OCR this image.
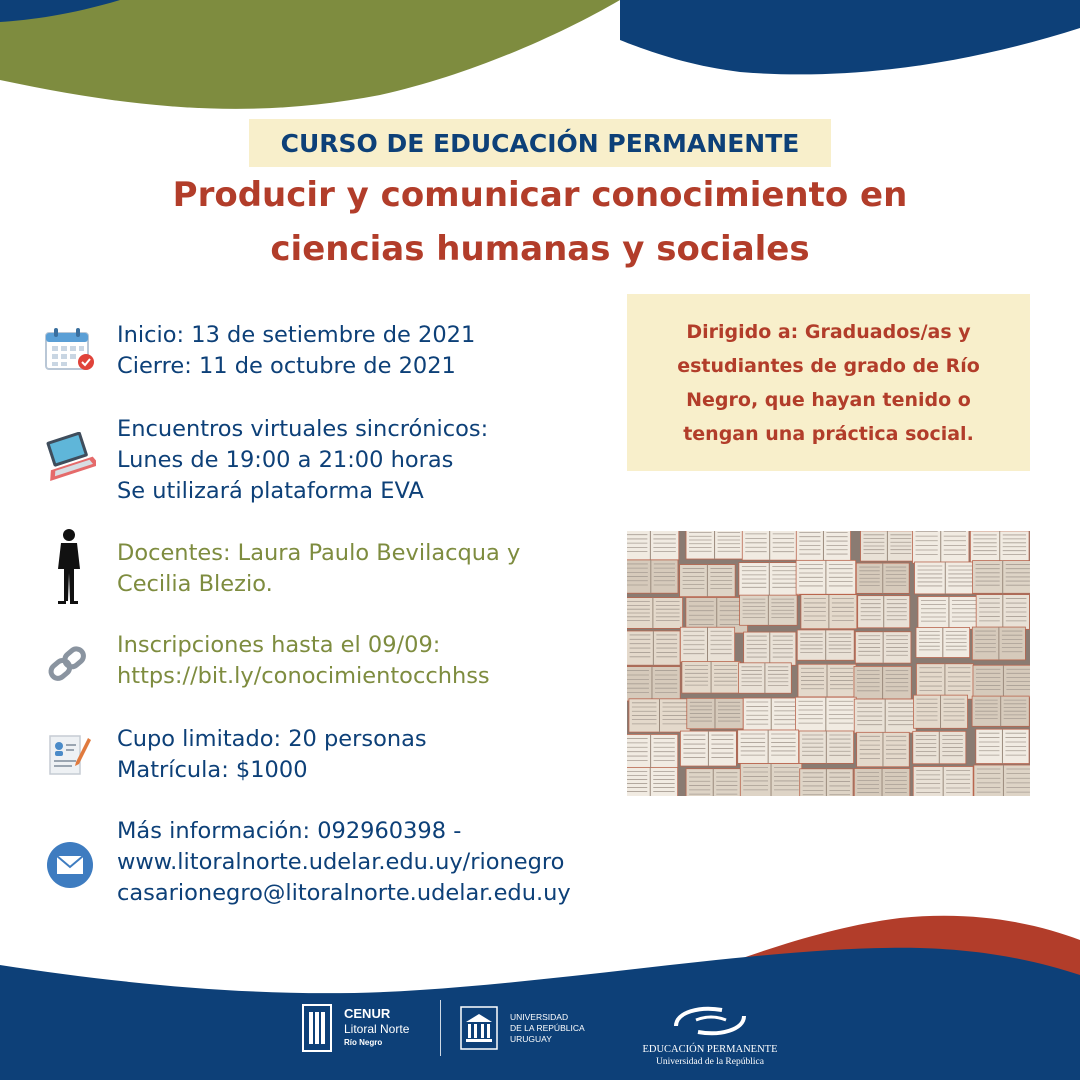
CURSO DE EDUCACIÓN PERMANENTE
Producir y comunicar conocimiento en
ciencias humanas y sociales
Inicio: 13 de setiembre de 2021
Cierre: 11 de octubre de 2021
Encuentros virtuales sincrónicos:
Lunes de 19:00 a 21:00 horas
Se utilizará plataforma EVA
Docentes: Laura Paulo Bevilacqua y
Cecilia Blezio.
Inscripciones hasta el 09/09:
https://bit.ly/conocimientocchhss
Cupo limitado: 20 personas
Matrícula: $1000
Más información: 092960398 -
www.litoralnorte.udelar.edu.uy/rionegro
casarionegro@litoralnorte.udelar.edu.uy
Dirigido a: Graduados/as y
estudiantes de grado de Río
Negro, que hayan tenido o
tengan una práctica social.
CENUR
Litoral Norte
Río Negro
UNIVERSIDAD
DE LA REPÚBLICA
URUGUAY
EDUCACIÓN PERMANENTE
Universidad de la República
